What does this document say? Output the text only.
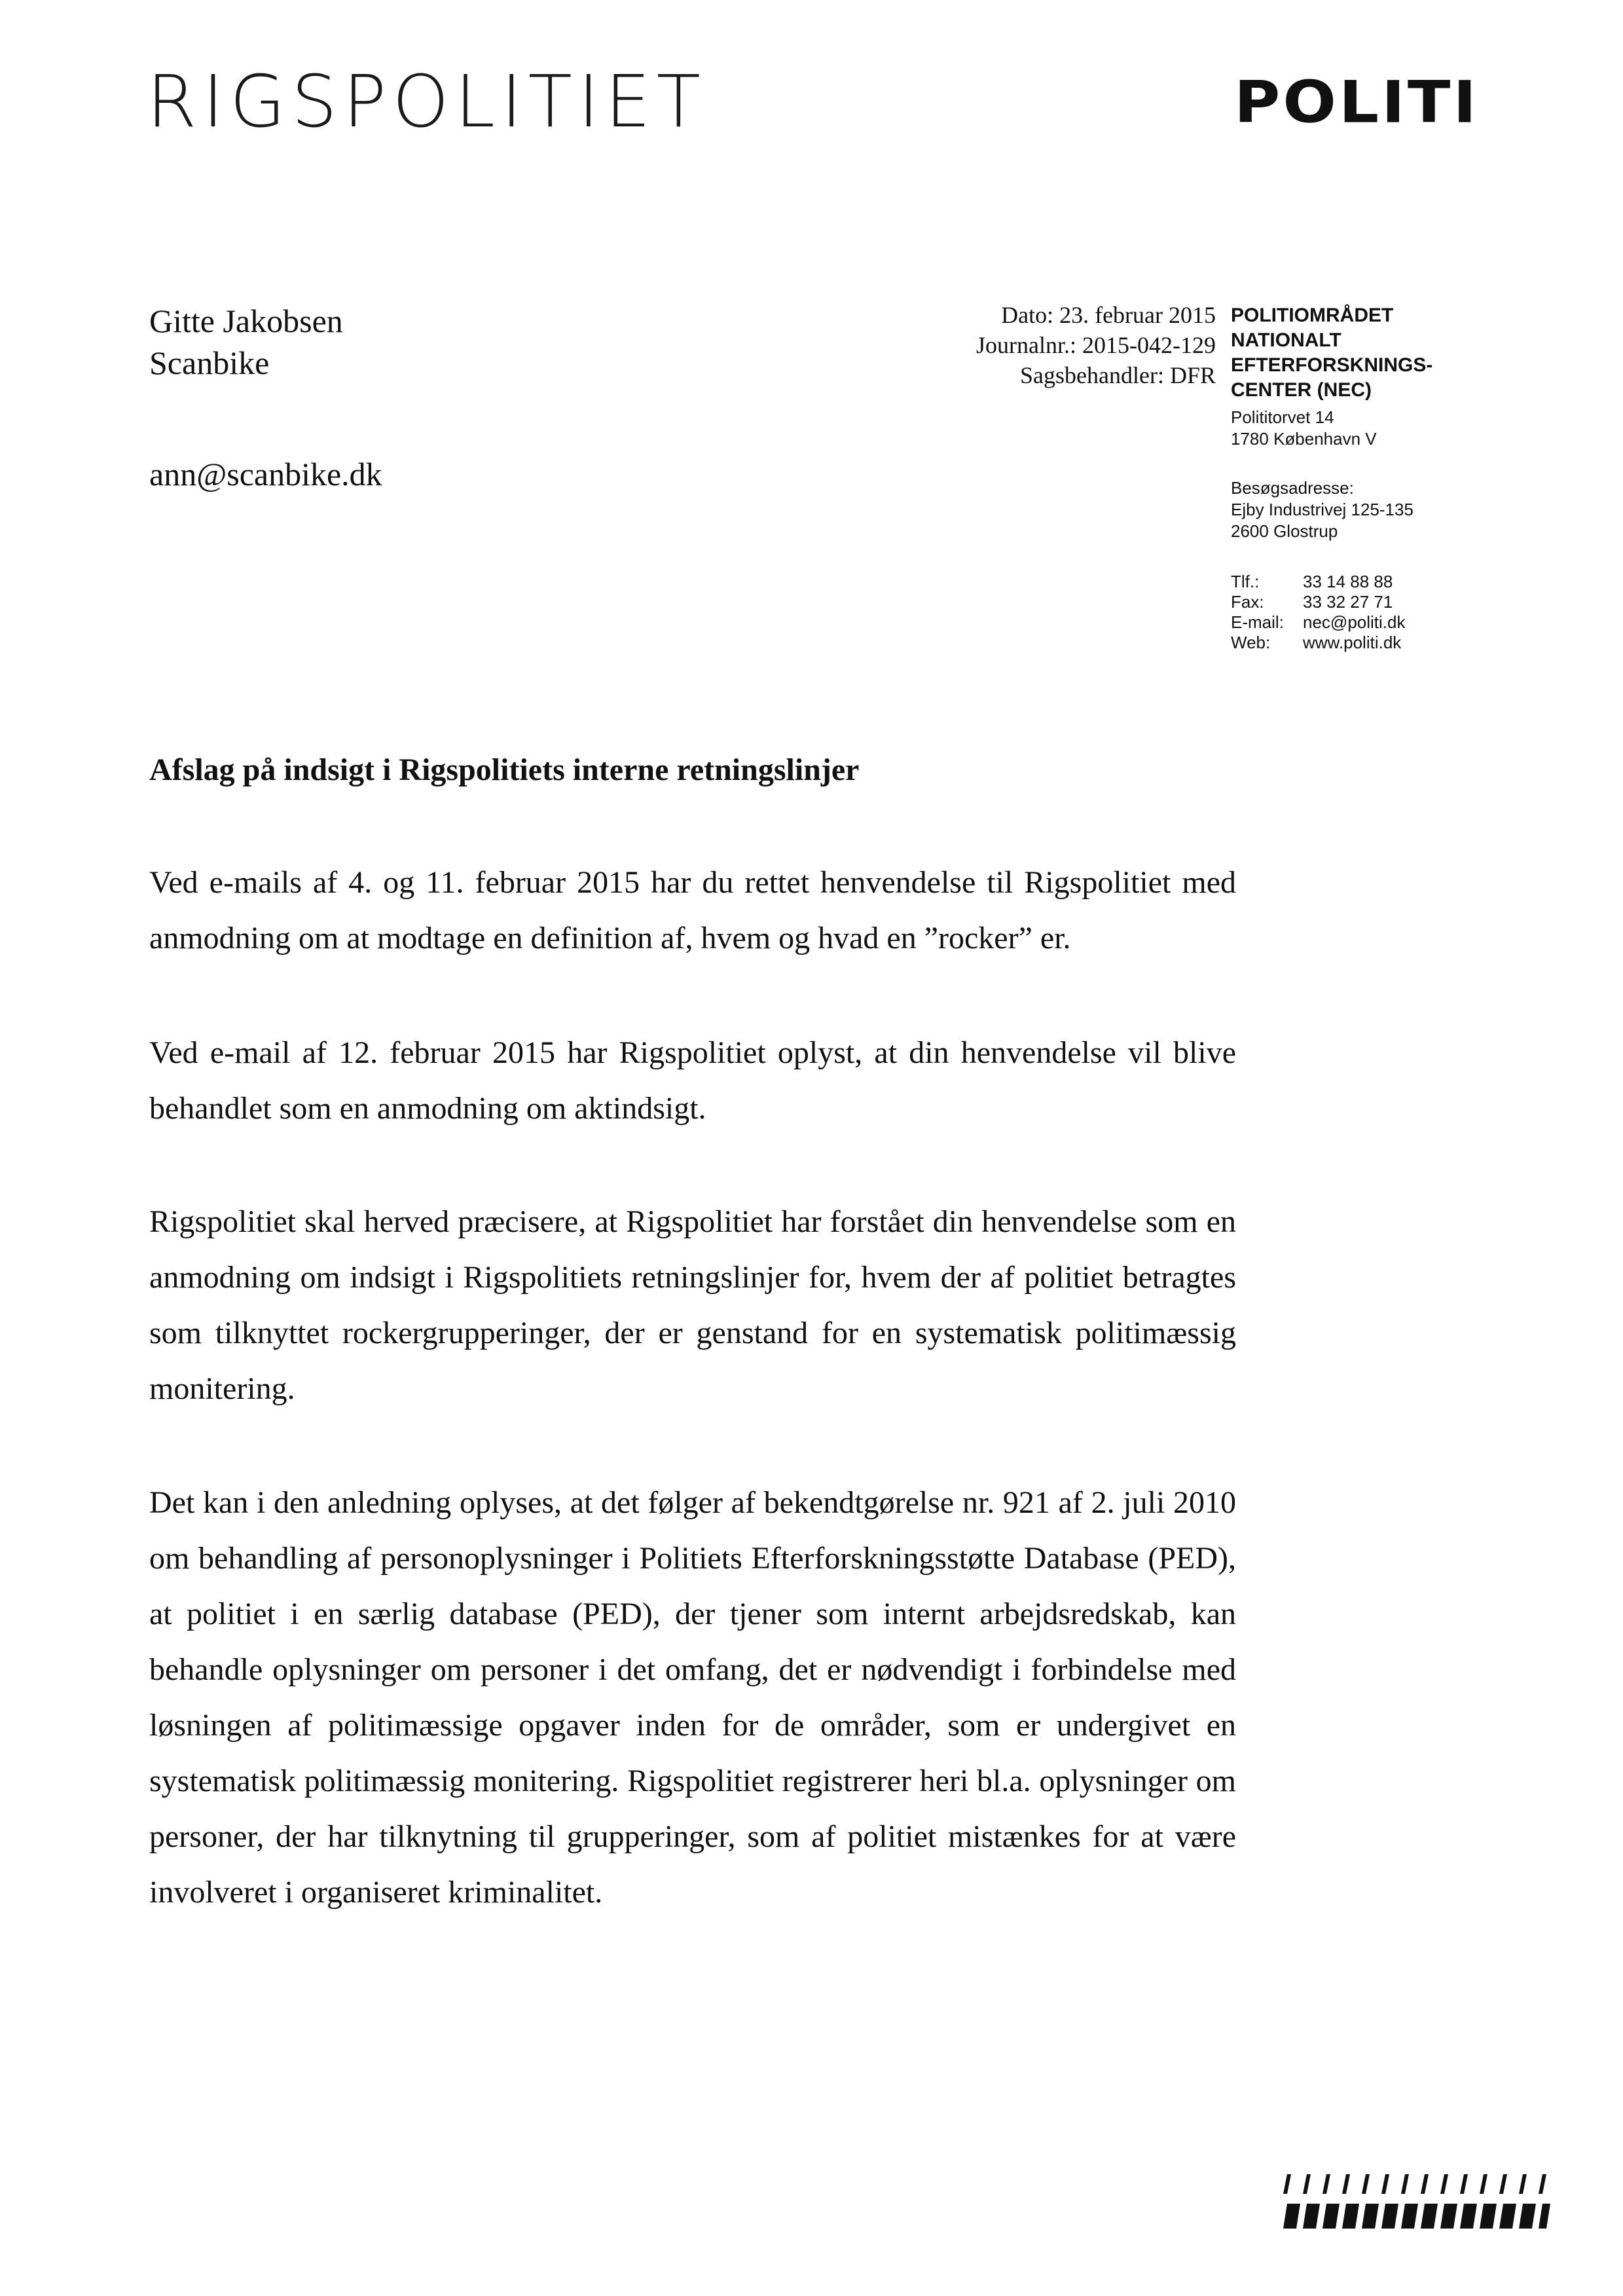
RIGSPOLITIET	POLITI
Gitte Jakobsen
Scanbike
ann@scanbike.dk
Dato: 23. februar 2015
Journalnr.: 2015-042-129
Sagsbehandler: DFR
POLITIOMRÅDET
NATIONALT EFTERFORSKNINGS-
CENTER (NEC)
Polititorvet 14
1780 København V
Besøgsadresse:
Ejby Industrivej 125-135
2600 Glostrup
Tlf.:	33 14 88 88
Fax:	33 32 27 71
E-mail:	nec@politi.dk
Web:	www.politi.dk
Afslag på indsigt i Rigspolitiets interne retningslinjer
Ved e-mails af 4. og 11. februar 2015 har du rettet henvendelse til Rigspolitiet med anmodning om at modtage en definition af, hvem og hvad en ”rocker” er.
Ved e-mail af 12. februar 2015 har Rigspolitiet oplyst, at din henvendelse vil blive behandlet som en anmodning om aktindsigt.
Rigspolitiet skal herved præcisere, at Rigspolitiet har forstået din henvendelse som en anmodning om indsigt i Rigspolitiets retningslinjer for, hvem der af politiet betragtes som tilknyttet rockergrupperinger, der er genstand for en systematisk politimæssig monitering.
Det kan i den anledning oplyses, at det følger af bekendtgørelse nr. 921 af 2. juli 2010 om behandling af personoplysninger i Politiets Efterforskningsstøtte Database (PED), at politiet i en særlig database (PED), der tjener som internt arbejdsredskab, kan behandle oplysninger om personer i det omfang, det er nødvendigt i forbindelse med løsningen af politimæssige opgaver inden for de områder, som er undergivet en systematisk politimæssig monitering. Rigspolitiet registrerer heri bl.a. oplysninger om personer, der har tilknytning til grupperinger, som af politiet mistænkes for at være involveret i organiseret kriminalitet.
